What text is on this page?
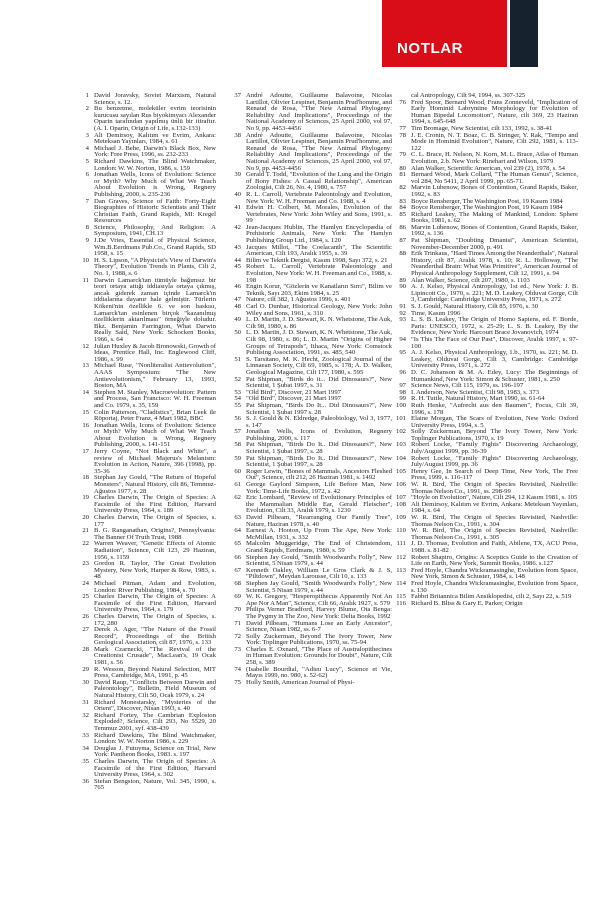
NOTLAR
1 David Joravsky, Soviet Marxism, Natural Science, s. 12.
2 Bu benzetme, moleküler evrim teorisinin kurucusu sayılan Rus biyokimyacı Alexander Oparin tarafından yapılmış ünlü bir itiraftır. (A. I. Oparin, Origin of Life, s.132-133)
3 Ali Demirsoy, Kalıtım ve Evrim, Ankara: Meteksan Yayınları, 1984, s. 61
4 Michael J. Behe, Darwin's Black Box, New York: Free Press, 1996, ss. 232-233
5 Richard Dawkins, The Blind Watchmaker, London: W. W. Norton, 1986, s. 159
6 Jonathan Wells, Icons of Evolution: Science or Myth? Why Much of What We Teach About Evolution is Wrong, Regnery Publishing, 2000, s. 235-236
7 Dan Graves, Science of Faith: Forty-Eight Biographies of Historic Scientists and Their Christian Faith, Grand Rapids, MI: Kregel Resources
8 Science, Philosophy, And Religion: A Symposium, 1941, CH.13
9 J.De Vries, Essential of Physical Science, Wm.B.Eerdmans Pub.Co., Grand Rapids, SD 1958, s. 15
10 H. S. Lipson, "A Physicist's View of Darwin's Theory", Evolution Trends in Plants, Cilt 2, No. 1, 1988, s. 6
11 Darwin Lamarck'tan tümüyle bağımsız bir teori ortaya attığı iddiasıyla ortaya çıkmış, ancak giderek zaman içinde Lamarck'ın iddialarına dayanır hale gelmiştir. Türlerin Kökeni'nin özellikle 6. ve son baskısı, Lamarck'tan esinlenen birçok "kazanılmış özelliklerin aktarılması" örneğiyle doludur. Bkz. Benjamin Farrington, What Darwin Really Said, New York: Schocken Books, 1966, s. 64
12 Julian Huxley & Jacob Bronowski, Growth of Ideas, Prentice Hall, Inc. Englewood Cliff, 1986, s. 99
13 Michael Ruse, "Nonliteralist Antievolution", AAAS Symposium: "The New Antievolutionism," February 13, 1993, Boston, MA
14 Stephen M. Stanley, Macroevolution: Pattern and Process, San Francisco: W. H. Freeman and Co. 1979, s. 35, 159
15 Colin Patterson, "Cladistics", Brian Leek ile Röportaj, Peter Franz, 4 Mart 1982, BBC
16 Jonathan Wells, Icons of Evolution: Science or Myth? Why Much of What We Teach About Evolution is Wrong, Regnery Publishing, 2000, s. 141-151
17 Jerry Coyne, "Not Black and White", a review of Michael Majerus's Melanism: Evolution in Action, Nature, 396 (1998), pp. 35-36
18 Stephan Jay Gould, "The Return of Hopeful Monsters", Natural History, cilt 86, Temmuz-Ağustos 1977, s. 28
19 Charles Darwin, The Origin of Species: A Facsimile of the First Edition, Harvard University Press, 1964, s. 189
20 Charles Darwin, The Origin of Species, s. 177
21 B. G. Ranganathan, Origins?, Pennsylvania: The Banner Of Truth Trust, 1988
22 Warren Weaver, "Genetic Effects of Atomic Radiation", Science, Cilt 123, 29 Haziran, 1956, s. 1159
23 Gordon R. Taylor, The Great Evolution Mystery, New York, Harper & Row, 1983, s. 48
24 Michael Pitman, Adam and Evolution, London: River Publishing, 1984, s. 70
25 Charles Darwin, The Origin of Species: A Facsimile of the First Edition, Harvard University Press, 1964, s. 179
26 Charles Darwin, The Origin of Species, s. 172, 280
27 Derek A. Ager, "The Nature of the Fossil Record", Proceedings of the British Geological Association, cilt 87, 1976, s. 133
28 Mark Czarnecki, "The Revival of the Creationist Crusade", MacLean's, 19 Ocak 1981, s. 56
29 R. Wesson, Beyond Natural Selection, MIT Press, Cambridge, MA, 1991, p. 45
30 David Raup, "Conflicts Between Darwin and Paleontology", Bulletin, Field Museum of Natural History, Cilt 50, Ocak 1979, s. 24
31 Richard Monestarsky, "Mysteries of the Orient", Discover, Nisan 1993, s. 40
32 Richard Fortey, The Cambrian Explosion Exploded?, Science, Cilt 293, No 5529, 20 Temmuz 2001, syf. 438-439
33 Richard Dawkins, The Blind Watchmaker, London: W. W. Norton 1986, s. 229
34 Douglas J. Futuyma, Science on Trial, New York: Pantheon Books, 1983. s. 197
35 Charles Darwin, The Origin of Species: A Facsimile of the First Edition, Harvard University Press, 1964, s. 302
36 Stefan Bengston, Nature, Vol. 345, 1990, s. 765
37 André Adoutte, Guillaume Balavoine, Nicolas Lartillot, Olivier Lespinet, Benjamin Prud'homme, and Renaud de Rosa, "The New Animal Phylogeny: Reliability And Implications", Proceedings of the National Academy of Sciences, 25 April 2000, vol 97, No 9, pp. 4453-4456
38 André Adoutte, Guillaume Balavoine, Nicolas Lartillot, Olivier Lespinet, Benjamin Prud'homme, and Renaud de Rosa, "The New Animal Phylogeny: Reliability And Implications", Proceedings of the National Academy of Sciences, 25 April 2000, vol 97, No 9, pp. 4453-4456
39 Gerald T. Todd, "Evolution of the Lung and the Origin of Bony Fishes: A Casual Relationship", American Zoologist, Cilt 26, No. 4, 1980, s. 757
40 R. L. Carroll, Vertebrate Paleontology and Evolution, New York: W. H. Freeman and Co. 1988, s. 4
41 Edwin H. Colbert, M. Morales, Evolution of the Vertebrates, New York: John Wiley and Sons, 1991, s. 99
42 Jean-Jacques Hublin, The Hamlyn Encyclopædia of Prehistoric Animals, New York: The Hamlyn Publishing Group Ltd., 1984, s. 120
43 Jacques Millot, "The Coelacanth", The Scientific American, Cilt 193, Aralık 1955, s. 39
44 Bilim ve Teknik Dergisi, Kasım 1998, Sayı 372, s. 21
45 Robert L. Carroll, Vertebrate Paleontology and Evolution, New York: W. H. Freeman and Co., 1988, s. 198
46 Engin Korur, "Gözlerin ve Kanatların Sırrı", Bilim ve Teknik, Sayı 203, Ekim 1984, s. 25
47 Nature, cilt 382, 1 Ağustos 1996, s. 401
48 Carl O. Dunbar, Historical Geology, New York: John Wiley and Sons, 1961, s. 310
49 L. D. Martin, J. D. Stewart, K. N. Whetstone, The Auk, Cilt 98, 1980, s. 86
50 L. D. Martin, J. D. Stewart, K. N. Whetstone, The Auk, Cilt 98, 1980, s. 86; L. D. Martin "Origins of Higher Groups of Tetrapods", Ithaca, New York: Comstock Publising Association, 1991, ss. 485, 540
51 S. Tarsitano, M. K. Hecht, Zoological Journal of the Linnaean Society, Cilt 69, 1985, s. 178; A. D. Walker, Geological Magazine, Cilt 177, 1980, s. 595
52 Pat Shipman, "Birds do it... Did Dinosaurs?", New Scientist, 1 Şubat 1997, s. 31
53 "Old Bird", Discover, 21 Mart 1997
54 "Old Bird", Discover, 21 Mart 1997
55 Pat Shipman, "Birds Do It... Did Dinosaurs?", New Scientist, 1 Şubat 1997 s. 28
56 S. J. Gould & N. Eldredge, Paleobiology, Vol 3, 1977, s. 147
57 Jonathan Wells, Icons of Evolution, Regnery Publishing, 2000, s. 117
58 Pat Shipman, "Birds Do It.. Did Dinosaurs?", New Scientist, 1 Şubat 1997, s. 28
59 Pat Shipman, "Birds Do It.. Did Dinosaurs?", New Scientist, 1 Şubat 1997, s. 28
60 Roger Lewin, "Bones of Mammals, Ancestors Fleshed Out", Science, cilt 212, 26 Haziran 1981, s. 1492
61 George Gaylord Simpson, Life Before Man, New York: Time-Life Books, 1972, s. 42
62 Eric Lombard, "Review of Evolutionary Principles of the Mammalian Middle Ear, Gerald Fleischer", Evolution, Cilt 33, Aralık 1979, s. 1230
63 David Pilbeam, "Rearranging Our Family Tree", Nature, Haziran 1978, s. 40
64 Earnest A. Hooton, Up From The Ape, New York: McMillan, 1931, s. 332
65 Malcolm Muggeridge, The End of Christendom, Grand Rapids, Eerdmans, 1980, s. 59
66 Stephen Jay Gould, "Smith Woodward's Folly", New Scientist, 5 Nisan 1979, s. 44
67 Kenneth Oakley, William Le Gros Clark & J. S, "Piltdown", Meydan Larousse, Cilt 10, s. 133
68 Stephen Jay Gould, "Smith Woodward's Folly", New Scientist, 5 Nisan 1979, s. 44
69 W. K. Gregory, "Hesperopithecus Apparently Not An Ape Nor A Man", Science, Cilt 66, Aralık 1927, s. 579
70 Philips Verner Bradford, Harvey Blume, Ota Benga: The Pygmy in The Zoo, New York: Delta Books, 1992
71 David Pilbeam, "Humans Lose an Early Ancestor", Science, Nisan 1982, ss. 6-7
72 Solly Zuckerman, Beyond The Ivory Tower, New York: Toplinger Publications, 1970, ss. 75-94
73 Charles E. Oxnard, "The Place of Australopithecines in Human Evolution: Grounds for Doubt", Nature, Cilt 258, s. 389
74 (Isabelle Bourdial, "Adieu Lucy", Science et Vie, Mayıs 1999, no. 980, s. 52-62)
75 Holly Smith, American Journal of Physi-
cal Antropology, Cilt 94, 1994, ss. 307-325
76 Fred Spoor, Bernard Wood, Frans Zonneveld, "Implication of Early Hominid Labryntine Morphology for Evolution of Human Bipedal Locomotion", Nature, cilt 369, 23 Haziran 1994, s. 645-648
77 Tim Bromage, New Scientist, cilt 133, 1992, s. 38-41
78 J. E. Cronin, N. T. Boaz, C. B. Stringer, Y. Rak, "Tempo and Mode in Hominid Evolution", Nature, Cilt 292, 1981, s. 113-122
79 C. L. Brace, H. Nelson, N. Korn, M. L. Brace, Atlas of Human Evolution, 2.b. New York: Rinehart and Wilson, 1979
80 Alan Walker, Scientific American, vol 239 (2), 1978, s. 54
81 Bernard Wood, Mark Collard, "The Human Genus", Science, vol 284, No 5411, 2 April 1999, pp. 65-71.
82 Marvin Lubenow, Bones of Contention, Grand Rapids, Baker, 1992, s. 83
83 Boyce Rensberger, The Washington Post, 19 Kasım 1984
84 Boyce Rensberger, The Washington Post, 19 Kasım 1984
85 Richard Leakey, The Making of Mankind, London: Sphere Books, 1981, s. 62
86 Marvin Lubenow, Bones of Contention, Grand Rapids, Baker, 1992, s. 136
87 Pat Shipman, "Doubting Dmanisi", American Scientist, November-December 2000, p. 491
88 Erik Trinkaus, "Hard Times Among the Neanderthals", Natural History, cilt 87, Aralık 1978, s. 10; R. L. Holloway, "The Neanderthal Brain: What Was Primitive", American Journal of Physical Anthropology Supplement, Cilt 12, 1991, s. 94
89 Alan Walker, Science, cilt 207, 1980, s. 1103
90 A. J. Kelso, Physical Antropology, 1st ed., New York: J. B. Lipincott Co., 1970, s. 221; M. D. Leakey, Olduvai Gorge, Cilt 3, Cambridge: Cambridge University Press, 1971, s. 272
91 S. J. Gould, Natural History, Cilt 85, 1976, s. 30
92 Time, Kasım 1996
93 L. S. B. Leakey, The Origin of Homo Sapiens, ed. F. Borde, Paris: UNESCO, 1972, s. 25-29; L. S. B. Leakey, By the Evidence, New York: Harcourt Brace Jovanovich, 1974
94 "Is This The Face of Our Past", Discover, Aralık 1997, s. 97-100
95 A. J. Kelso, Physical Anthropology, 1.b., 1970, ss. 221; M. D. Leakey, Olduvai Gorge, Cilt 3, Cambridge: Cambridge University Press, 1971, s. 272
96 D. C. Johanson & M. A. Edey, Lucy: The Beginnings of Humankind, New York: Simon & Schuster, 1981, s. 250
97 Science News, Cilt 115, 1979, ss. 196-197
98 I. Anderson, New Scientist, Cilt 98, 1983, s. 373
99 R. H. Tuttle, Natural History, Mart 1990, ss. 61-64
100 Ruth Henke, "Aufrecht aus den Baumen", Focus, Cilt 39, 1996, s. 178
101 Elaine Morgan, The Scars of Evolution, New York: Oxford University Press, 1994, s. 5
102 Solly Zuckerman, Beyond The Ivory Tower, New York: Toplinger Publications, 1970, s. 19
103 Robert Locke, "Family Fights" Discovering Archaeology, July/August 1999, pp. 36-39
104 Robert Locke, "Family Fights" Discovering Archaeology, July/August 1999, pp. 36
105 Henry Gee, In Search of Deep Time, New York, The Free Press, 1999, s. 116-117
106 W. R. Bird, The Origin of Species Revisited, Nashville: Thomas Nelson Co., 1991, ss. 298-99
107 "Hoyle on Evolution", Nature, Cilt 294, 12 Kasım 1981, s. 105
108 Ali Demirsoy, Kalıtım ve Evrim, Ankara: Meteksan Yayınları, 1984, s. 64
109 W. R. Bird, The Origin of Species Revisited, Nashville: Thomas Nelson Co., 1991, s. 304
110 W. R. Bird, The Origin of Species Revisited, Nashville: Thomas Nelson Co., 1991, s. 305
111 J. D. Thomas, Evolution and Faith, Abilene, TX, ACU Press, 1988. s. 81-82
112 Robert Shapiro, Origins: A Sceptics Guide to the Creation of Life on Earth, New York, Summit Books, 1986. s.127
113 Fred Hoyle, Chandra Wickramasinghe, Evolution from Space, New York, Simon & Schuster, 1984, s. 148
114 Fred Hoyle, Chandra Wickramasinghe, Evolution from Space, s. 130
115 Fabbri Britannica Bilim Ansiklopedisi, cilt 2, Sayı 22, s. 519
116 Richard B. Bliss & Gary E. Parker, Origin
